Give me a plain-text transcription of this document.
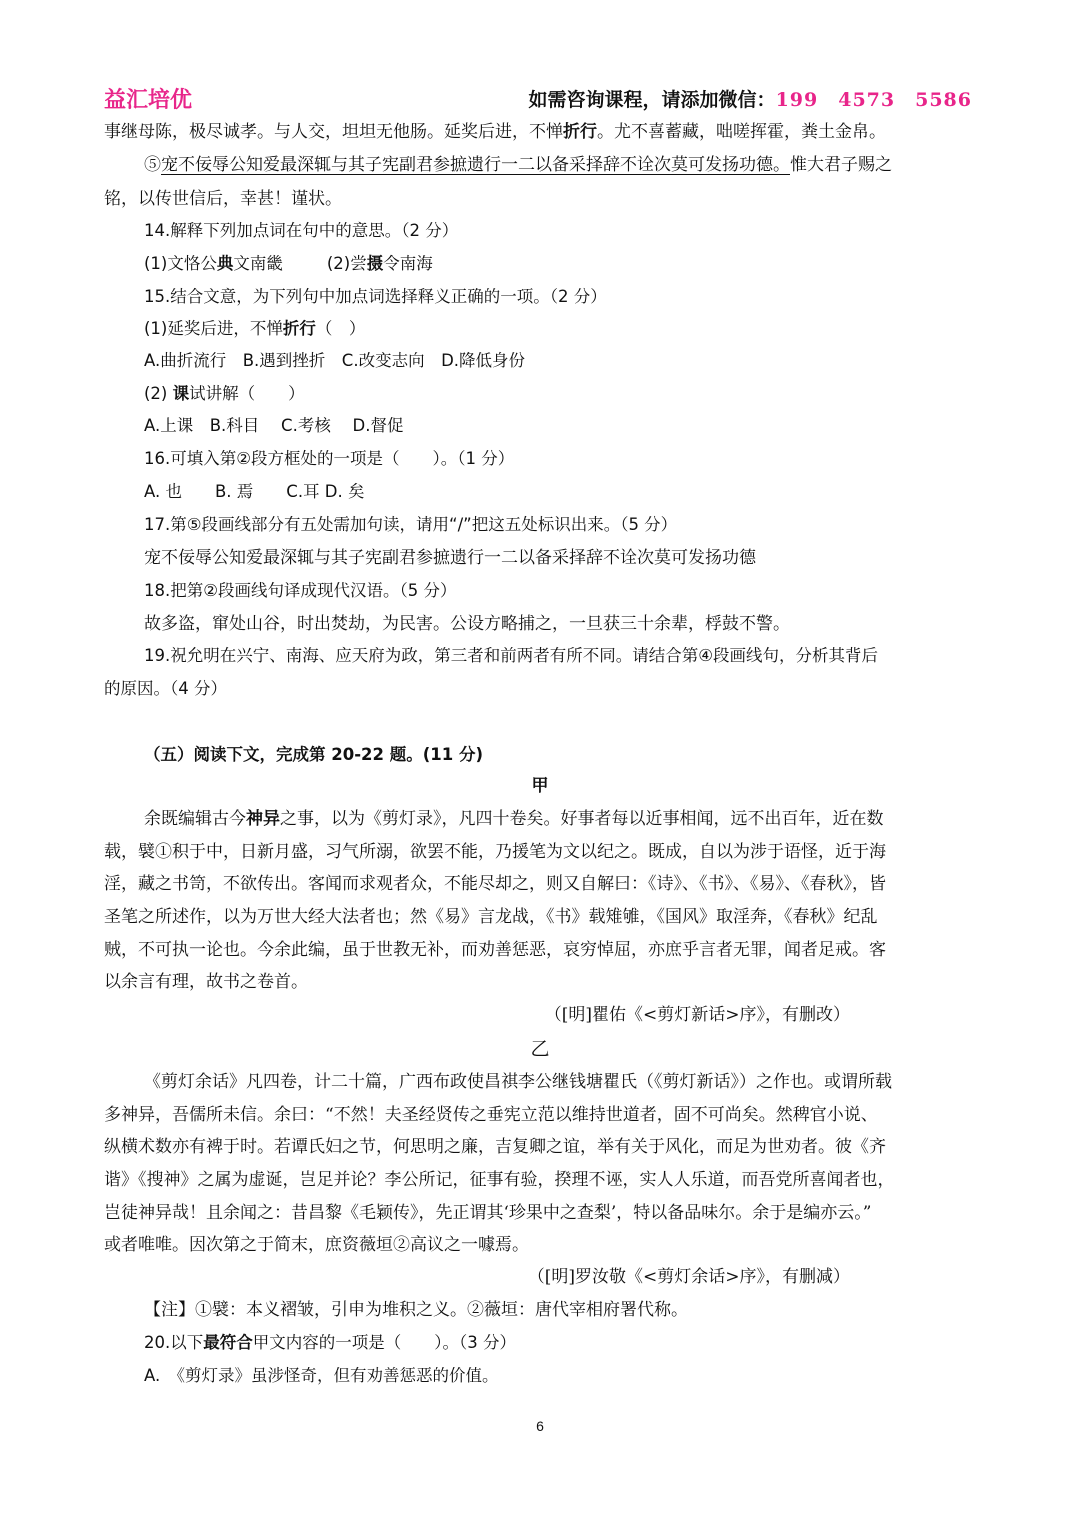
益汇培优	如需咨询课程，请添加微信：199　4573　5586
事继母陈，极尽诚孝。与人交，坦坦无他肠。延奖后进，不惮折行。尤不喜蓄藏，咄嗟挥霍，粪土金帛。
⑤宠不佞辱公知爱最深辄与其子宪副君参摭遗行一二以备采择辞不诠次莫可发扬功德。惟大君子赐之
铭，以传世信后，幸甚！谨状。
14.解释下列加点词在句中的意思。（2 分）
(1)文恪公典文南畿	(2)尝摄令南海
15.结合文意，为下列句中加点词选择释义正确的一项。（2 分）
(1)延奖后进，不惮折行（　）
A.曲折流行　B.遇到挫折　C.改变志向　D.降低身份
(2) 课试讲解（　　）
A.上课　B.科目　 C.考核　 D.督促
16.可填入第②段方框处的一项是（　　）。（1 分）
A. 也　　B. 焉　　C.耳 D. 矣
17.第⑤段画线部分有五处需加句读，请用“/”把这五处标识出来。（5 分）
宠不佞辱公知爱最深辄与其子宪副君参摭遗行一二以备采择辞不诠次莫可发扬功德
18.把第②段画线句译成现代汉语。（5 分）
故多盗，窜处山谷，时出焚劫，为民害。公设方略捕之，一旦获三十余辈，桴鼓不警。
19.祝允明在兴宁、南海、应天府为政，第三者和前两者有所不同。请结合第④段画线句，分析其背后
的原因。（4 分）
（五）阅读下文，完成第 20-22 题。(11 分)
甲
余既编辑古今神异之事，以为《剪灯录》，凡四十卷矣。好事者每以近事相闻，远不出百年，近在数
载，襞①积于中，日新月盛，习气所溺，欲罢不能，乃援笔为文以纪之。既成，自以为涉于语怪，近于海
淫，藏之书笥，不欲传出。客闻而求观者众，不能尽却之，则又自解曰：《诗》、《书》、《易》、《春秋》，皆
圣笔之所述作，以为万世大经大法者也；然《易》言龙战，《书》载雉雊，《国风》取淫奔，《春秋》纪乱
贼，不可执一论也。今余此编，虽于世教无补，而劝善惩恶，哀穷悼屈，亦庶乎言者无罪，闻者足戒。客
以余言有理，故书之卷首。
（[明]瞿佑《<剪灯新话>序》，有删改）
乙
《剪灯余话》凡四卷，计二十篇，广西布政使昌祺李公继钱塘瞿氏（《剪灯新话》）之作也。或谓所载
多神异，吾儒所未信。余曰：“不然！夫圣经贤传之垂宪立范以维持世道者，固不可尚矣。然稗官小说、
纵横术数亦有裨于时。若谭氏妇之节，何思明之廉，吉复卿之谊，举有关于风化，而足为世劝者。彼《齐
谐》《搜神》之属为虚诞，岂足并论？李公所记，征事有验，揆理不诬，实人人乐道，而吾党所喜闻者也，
岂徒神异哉！且余闻之：昔昌黎《毛颖传》，先正谓其‘珍果中之查梨’，特以备品味尔。余于是编亦云。”
或者唯唯。因次第之于简末，庶资薇垣②高议之一噱焉。
（[明]罗汝敬《<剪灯余话>序》，有删减）
【注】①襞：本义褶皱，引申为堆积之义。②薇垣：唐代宰相府署代称。
20.以下最符合甲文内容的一项是（　　）。（3 分）
A.　《剪灯录》虽涉怪奇，但有劝善惩恶的价值。
6
